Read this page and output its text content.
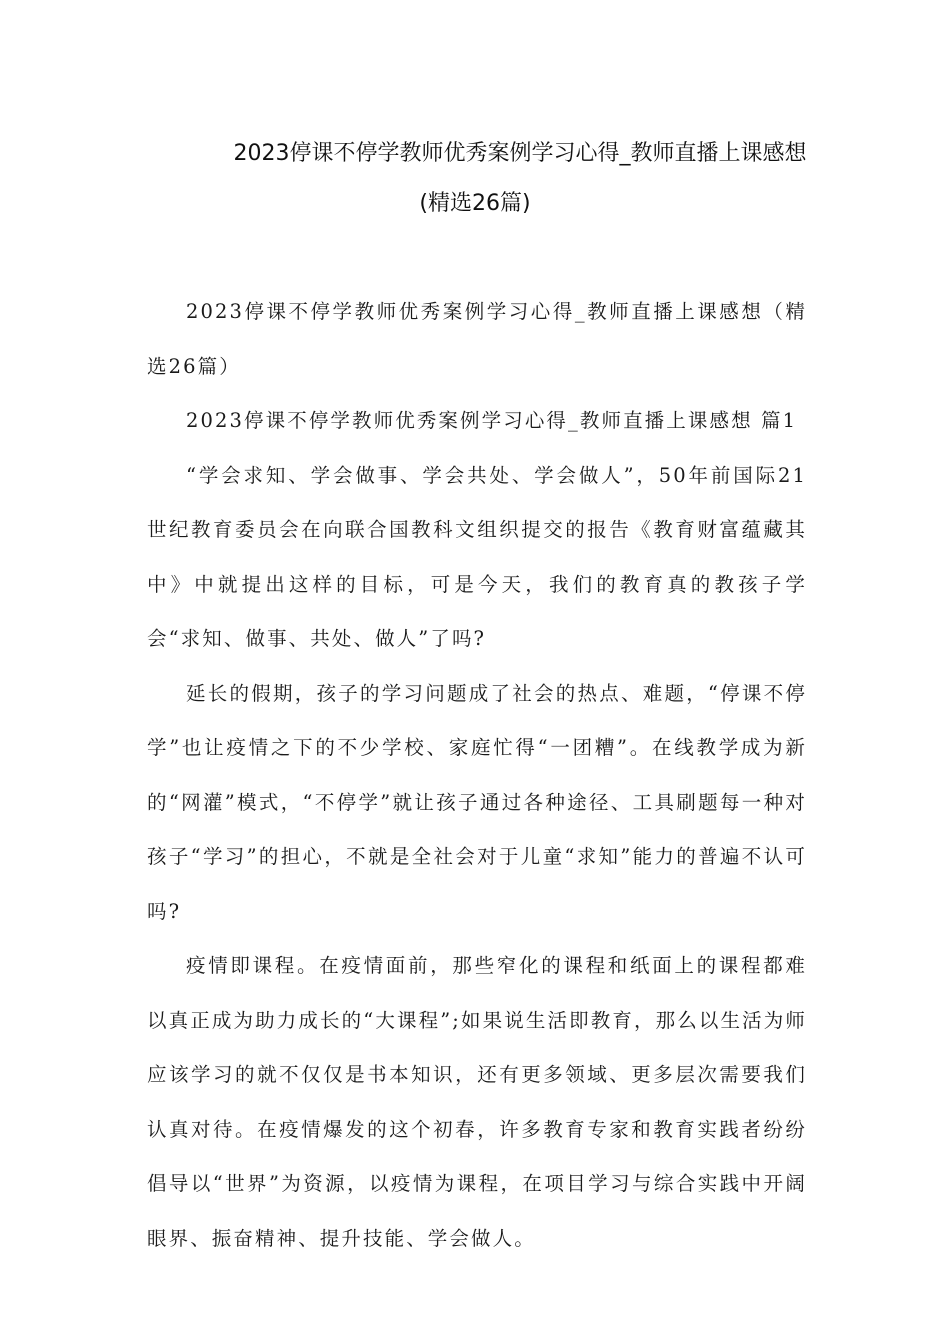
2023停课不停学教师优秀案例学习心得_教师直播上课感想
(精选26篇)

2023停课不停学教师优秀案例学习心得_教师直播上课感想（精选26篇）

2023停课不停学教师优秀案例学习心得_教师直播上课感想 篇1

“学会求知、学会做事、学会共处、学会做人”，50年前国际21世纪教育委员会在向联合国教科文组织提交的报告《教育财富蕴藏其中》中就提出这样的目标，可是今天，我们的教育真的教孩子学会“求知、做事、共处、做人”了吗?

延长的假期，孩子的学习问题成了社会的热点、难题，“停课不停学”也让疫情之下的不少学校、家庭忙得“一团糟”。在线教学成为新的“网灌”模式，“不停学”就让孩子通过各种途径、工具刷题每一种对孩子“学习”的担心，不就是全社会对于儿童“求知”能力的普遍不认可吗?

疫情即课程。在疫情面前，那些窄化的课程和纸面上的课程都难以真正成为助力成长的“大课程”;如果说生活即教育，那么以生活为师应该学习的就不仅仅是书本知识，还有更多领域、更多层次需要我们认真对待。在疫情爆发的这个初春，许多教育专家和教育实践者纷纷倡导以“世界”为资源，以疫情为课程，在项目学习与综合实践中开阔眼界、振奋精神、提升技能、学会做人。
